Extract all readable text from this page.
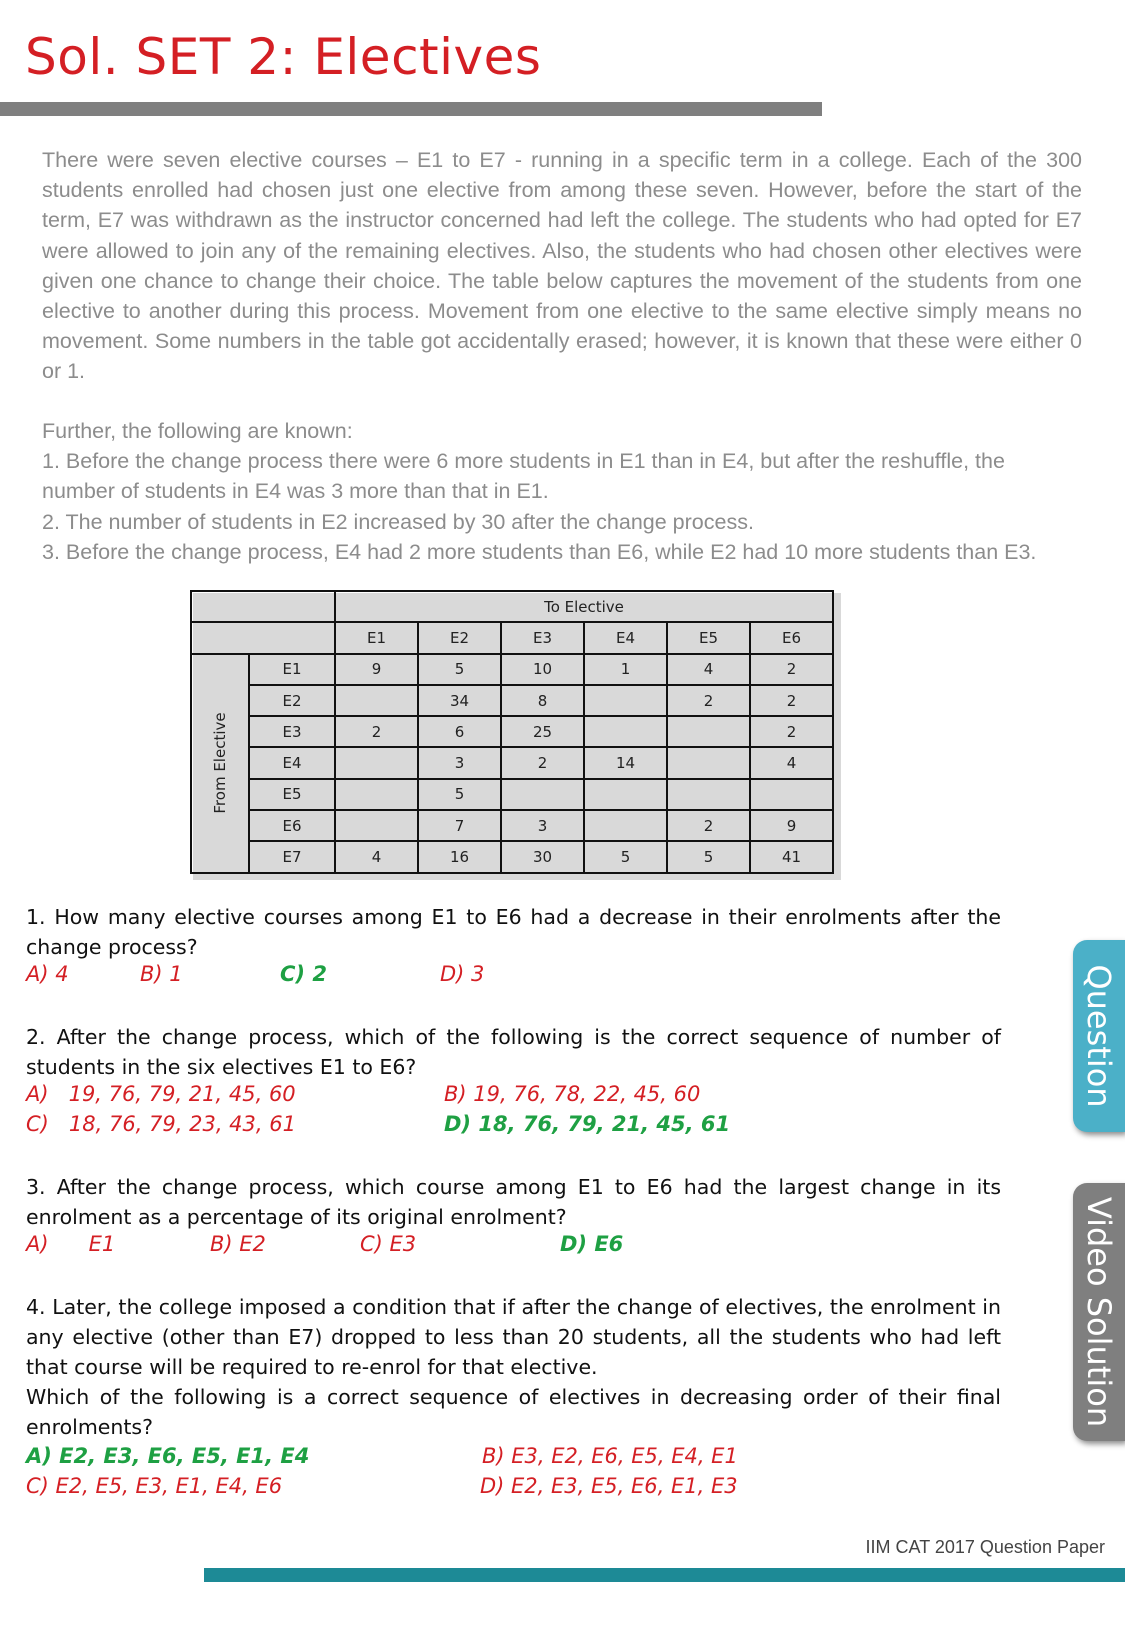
Sol. SET 2: Electives
There were seven elective courses – E1 to E7 - running in a specific term in a college. Each of the 300 students enrolled had chosen just one elective from among these seven. However, before the start of the term, E7 was withdrawn as the instructor concerned had left the college. The students who had opted for E7 were allowed to join any of the remaining electives. Also, the students who had chosen other electives were given one chance to change their choice. The table below captures the movement of the students from one elective to another during this process. Movement from one elective to the same elective simply means no movement. Some numbers in the table got accidentally erased; however, it is known that these were either 0 or 1.
Further, the following are known:
1. Before the change process there were 6 more students in E1 than in E4, but after the reshuffle, the number of students in E4 was 3 more than that in E1.
2. The number of students in E2 increased by 30 after the change process.
3. Before the change process, E4 had 2 more students than E6, while E2 had 10 more students than E3.
		To Elective					
		E1	E2	E3	E4	E5	E6

From Elective	E1	9	5	10	1	4	2
	E2		34	8		2	2
	E3	2	6	25			2
	E4		3	2	14		4
	E5		5				
	E6		7	3		2	9
	E7	4	16	30	5	5	41
1. How many elective courses among E1 to E6 had a decrease in their enrolments after the change process?
A) 4	B) 1	C) 2	D) 3
2. After the change process, which of the following is the correct sequence of number of students in the six electives E1 to E6?
A)   19, 76, 79, 21, 45, 60	B) 19, 76, 78, 22, 45, 60
C)   18, 76, 79, 23, 43, 61	D) 18, 76, 79, 21, 45, 61
3. After the change process, which course among E1 to E6 had the largest change in its enrolment as a percentage of its original enrolment?
A)      E1	B) E2	C) E3	D) E6
4. Later, the college imposed a condition that if after the change of electives, the enrolment in any elective (other than E7) dropped to less than 20 students, all the students who had left that course will be required to re-enrol for that elective.
Which of the following is a correct sequence of electives in decreasing order of their final enrolments?
A) E2, E3, E6, E5, E1, E4	B) E3, E2, E6, E5, E4, E1
C) E2, E5, E3, E1, E4, E6	D) E2, E3, E5, E6, E1, E3
Question
Video Solution
IIM CAT 2017 Question Paper
